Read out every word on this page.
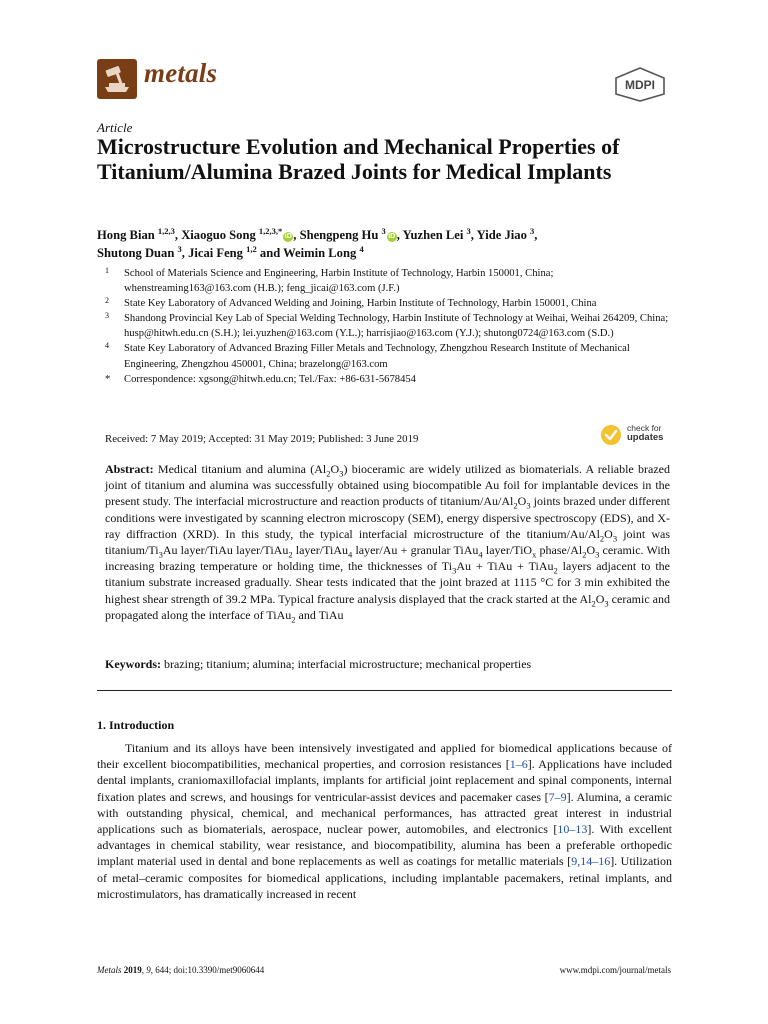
metals	MDPI
Article
Microstructure Evolution and Mechanical Properties of Titanium/Alumina Brazed Joints for Medical Implants
Hong Bian $^{1,2,3}$, Xiaoguo Song $^{1,2,3,*}$iD , Shengpeng Hu $^3$iD , Yuzhen Lei $^3$, Yide Jiao $^3$,
Shutong Duan $^3$, Jicai Feng $^{1,2}$ and Weimin Long $^4$
1 School of Materials Science and Engineering, Harbin Institute of Technology, Harbin 150001, China; whenstreaming163@163.com (H.B.); feng_jicai@163.com (J.F.)
2 State Key Laboratory of Advanced Welding and Joining, Harbin Institute of Technology, Harbin 150001, China
3 Shandong Provincial Key Lab of Special Welding Technology, Harbin Institute of Technology at Weihai, Weihai 264209, China; husp@hitwh.edu.cn (S.H.); lei.yuzhen@163.com (Y.L.); harrisjiao@163.com (Y.J.); shutong0724@163.com (S.D.)
4 State Key Laboratory of Advanced Brazing Filler Metals and Technology, Zhengzhou Research Institute of Mechanical Engineering, Zhengzhou 450001, China; brazelong@163.com
* Correspondence: xgsong@hitwh.edu.cn; Tel./Fax: +86-631-5678454
Received: 7 May 2019; Accepted: 31 May 2019; Published: 3 June 2019
check for
updates
Abstract: Medical titanium and alumina $(Al_2O_3)$ bioceramic are widely utilized as biomaterials. A reliable brazed joint of titanium and alumina was successfully obtained using biocompatible Au foil for implantable devices in the present study. The interfacial microstructure and reaction products of titanium/$Au/Al_2O_3$ joints brazed under different conditions were investigated by scanning electron microscopy (SEM), energy dispersive spectroscopy (EDS), and X-ray diffraction (XRD). In this study, the typical interfacial microstructure of the titanium/$Au/Al_2O_3$ joint was titanium/$Ti_3Au$ layer/TiAu layer/TiAu$_2$ layer/TiAu$_4$ layer/Au + granular TiAu$_4$ layer/TiO$_x$ phase/$Al_2O_3$ ceramic. With increasing brazing temperature or holding time, the thicknesses of $Ti_3Au$ + TiAu + TiAu$_2$ layers adjacent to the titanium substrate increased gradually. Shear tests indicated that the joint brazed at 1115 °C for 3 min exhibited the highest shear strength of 39.2 MPa. Typical fracture analysis displayed that the crack started at the $Al_2O_3$ ceramic and propagated along the interface of TiAu$_2$ and TiAu
Keywords: brazing; titanium; alumina; interfacial microstructure; mechanical properties
1. Introduction

Titanium and its alloys have been intensively investigated and applied for biomedical applications because of their excellent biocompatibilities, mechanical properties, and corrosion resistances [1–6]. Applications have included dental implants, craniomaxillofacial implants, implants for artificial joint replacement and spinal components, internal fixation plates and screws, and housings for ventricular-assist devices and pacemaker cases [7–9]. Alumina, a ceramic with outstanding physical, chemical, and mechanical performances, has attracted great interest in industrial applications such as biomaterials, aerospace, nuclear power, automobiles, and electronics [10–13]. With excellent advantages in chemical stability, wear resistance, and biocompatibility, alumina has been a preferable orthopedic implant material used in dental and bone replacements as well as coatings for metallic materials [9,14–16]. Utilization of metal–ceramic composites for biomedical applications, including implantable pacemakers, retinal implants, and microstimulators, has dramatically increased in recent

Metals 2019, 9, 644; doi:10.3390/met9060644	www.mdpi.com/journal/metals
